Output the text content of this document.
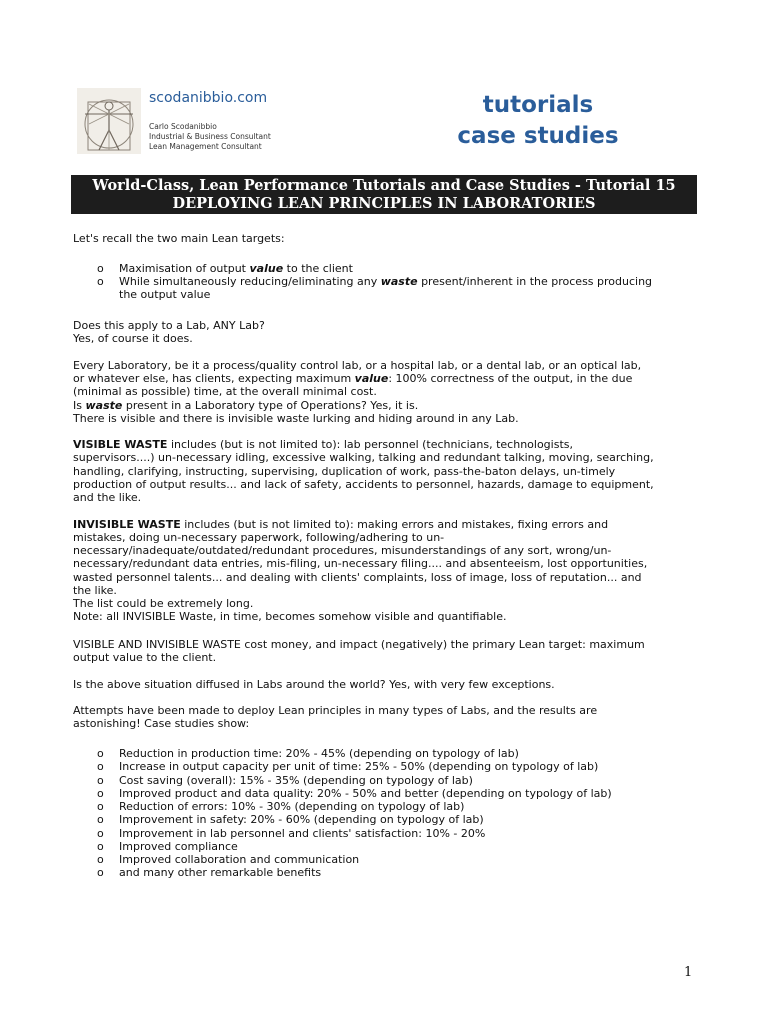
scodanibbio.com
Carlo Scodanibbio
Industrial & Business Consultant
Lean Management Consultant
tutorials
case studies
World-Class, Lean Performance Tutorials and Case Studies - Tutorial 15
DEPLOYING LEAN PRINCIPLES IN LABORATORIES
Let's recall the two main Lean targets:
o Maximisation of output value to the client
o While simultaneously reducing/eliminating any waste present/inherent in the process producing
the output value
Does this apply to a Lab, ANY Lab?
Yes, of course it does.
Every Laboratory, be it a process/quality control lab, or a hospital lab, or a dental lab, or an optical lab,
or whatever else, has clients, expecting maximum value: 100% correctness of the output, in the due
(minimal as possible) time, at the overall minimal cost.
Is waste present in a Laboratory type of Operations? Yes, it is.
There is visible and there is invisible waste lurking and hiding around in any Lab.
VISIBLE WASTE includes (but is not limited to): lab personnel (technicians, technologists,
supervisors....) un-necessary idling, excessive walking, talking and redundant talking, moving, searching,
handling, clarifying, instructing, supervising, duplication of work, pass-the-baton delays, un-timely
production of output results... and lack of safety, accidents to personnel, hazards, damage to equipment,
and the like.
INVISIBLE WASTE includes (but is not limited to): making errors and mistakes, fixing errors and
mistakes, doing un-necessary paperwork, following/adhering to un-
necessary/inadequate/outdated/redundant procedures, misunderstandings of any sort, wrong/un-
necessary/redundant data entries, mis-filing, un-necessary filing.... and absenteeism, lost opportunities,
wasted personnel talents... and dealing with clients' complaints, loss of image, loss of reputation... and
the like.
The list could be extremely long.
Note: all INVISIBLE Waste, in time, becomes somehow visible and quantifiable.
VISIBLE AND INVISIBLE WASTE cost money, and impact (negatively) the primary Lean target: maximum
output value to the client.
Is the above situation diffused in Labs around the world? Yes, with very few exceptions.
Attempts have been made to deploy Lean principles in many types of Labs, and the results are
astonishing! Case studies show:
o Reduction in production time: 20% - 45% (depending on typology of lab)
o Increase in output capacity per unit of time: 25% - 50% (depending on typology of lab)
o Cost saving (overall): 15% - 35% (depending on typology of lab)
o Improved product and data quality: 20% - 50% and better (depending on typology of lab)
o Reduction of errors: 10% - 30% (depending on typology of lab)
o Improvement in safety: 20% - 60% (depending on typology of lab)
o Improvement in lab personnel and clients' satisfaction: 10% - 20%
o Improved compliance
o Improved collaboration and communication
o and many other remarkable benefits
1
